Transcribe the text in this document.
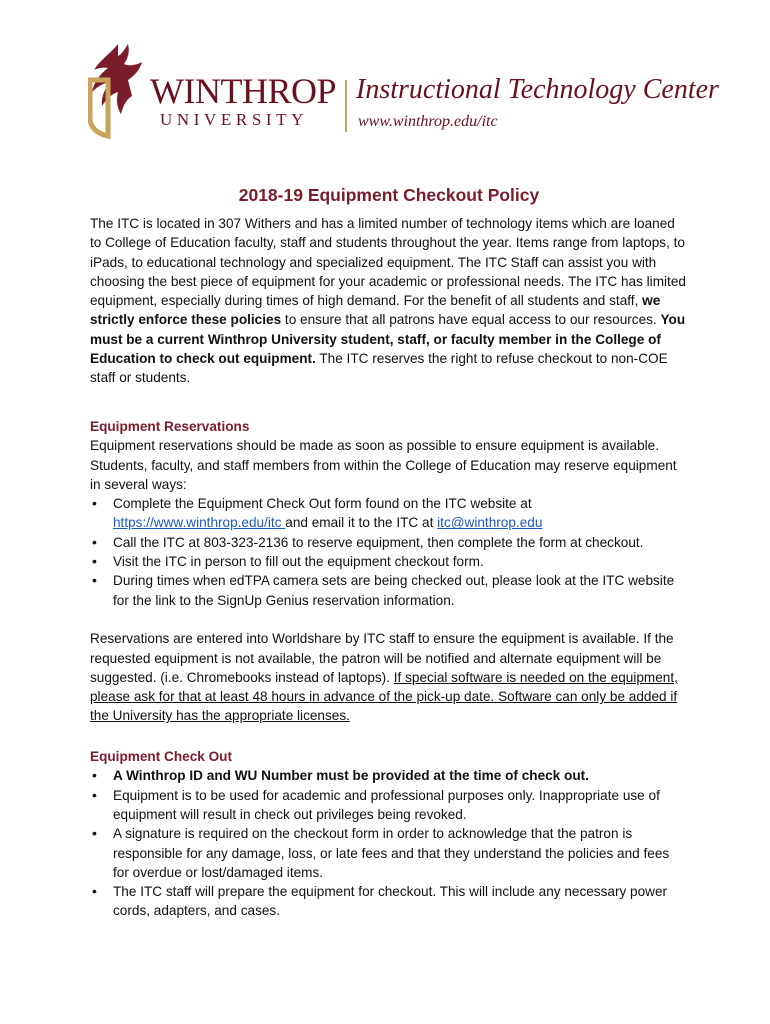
WINTHROP
UNIVERSITY
Instructional Technology Center
www.winthrop.edu/itc
2018-19 Equipment Checkout Policy

The ITC is located in 307 Withers and has a limited number of technology items which are loaned to College of Education faculty, staff and students throughout the year. Items range from laptops, to iPads, to educational technology and specialized equipment. The ITC Staff can assist you with choosing the best piece of equipment for your academic or professional needs. The ITC has limited equipment, especially during times of high demand. For the benefit of all students and staff, we strictly enforce these policies to ensure that all patrons have equal access to our resources. You must be a current Winthrop University student, staff, or faculty member in the College of Education to check out equipment. The ITC reserves the right to refuse checkout to non-COE staff or students.

Equipment Reservations

Equipment reservations should be made as soon as possible to ensure equipment is available. Students, faculty, and staff members from within the College of Education may reserve equipment in several ways:

• Complete the Equipment Check Out form found on the ITC website at https://www.winthrop.edu/itc and email it to the ITC at itc@winthrop.edu
• Call the ITC at 803-323-2136 to reserve equipment, then complete the form at checkout.
• Visit the ITC in person to fill out the equipment checkout form.
• During times when edTPA camera sets are being checked out, please look at the ITC website for the link to the SignUp Genius reservation information.

Reservations are entered into Worldshare by ITC staff to ensure the equipment is available. If the requested equipment is not available, the patron will be notified and alternate equipment will be suggested. (i.e. Chromebooks instead of laptops). If special software is needed on the equipment, please ask for that at least 48 hours in advance of the pick-up date. Software can only be added if the University has the appropriate licenses.

Equipment Check Out
• A Winthrop ID and WU Number must be provided at the time of check out.
• Equipment is to be used for academic and professional purposes only. Inappropriate use of equipment will result in check out privileges being revoked.
• A signature is required on the checkout form in order to acknowledge that the patron is responsible for any damage, loss, or late fees and that they understand the policies and fees for overdue or lost/damaged items.
• The ITC staff will prepare the equipment for checkout. This will include any necessary power cords, adapters, and cases.
